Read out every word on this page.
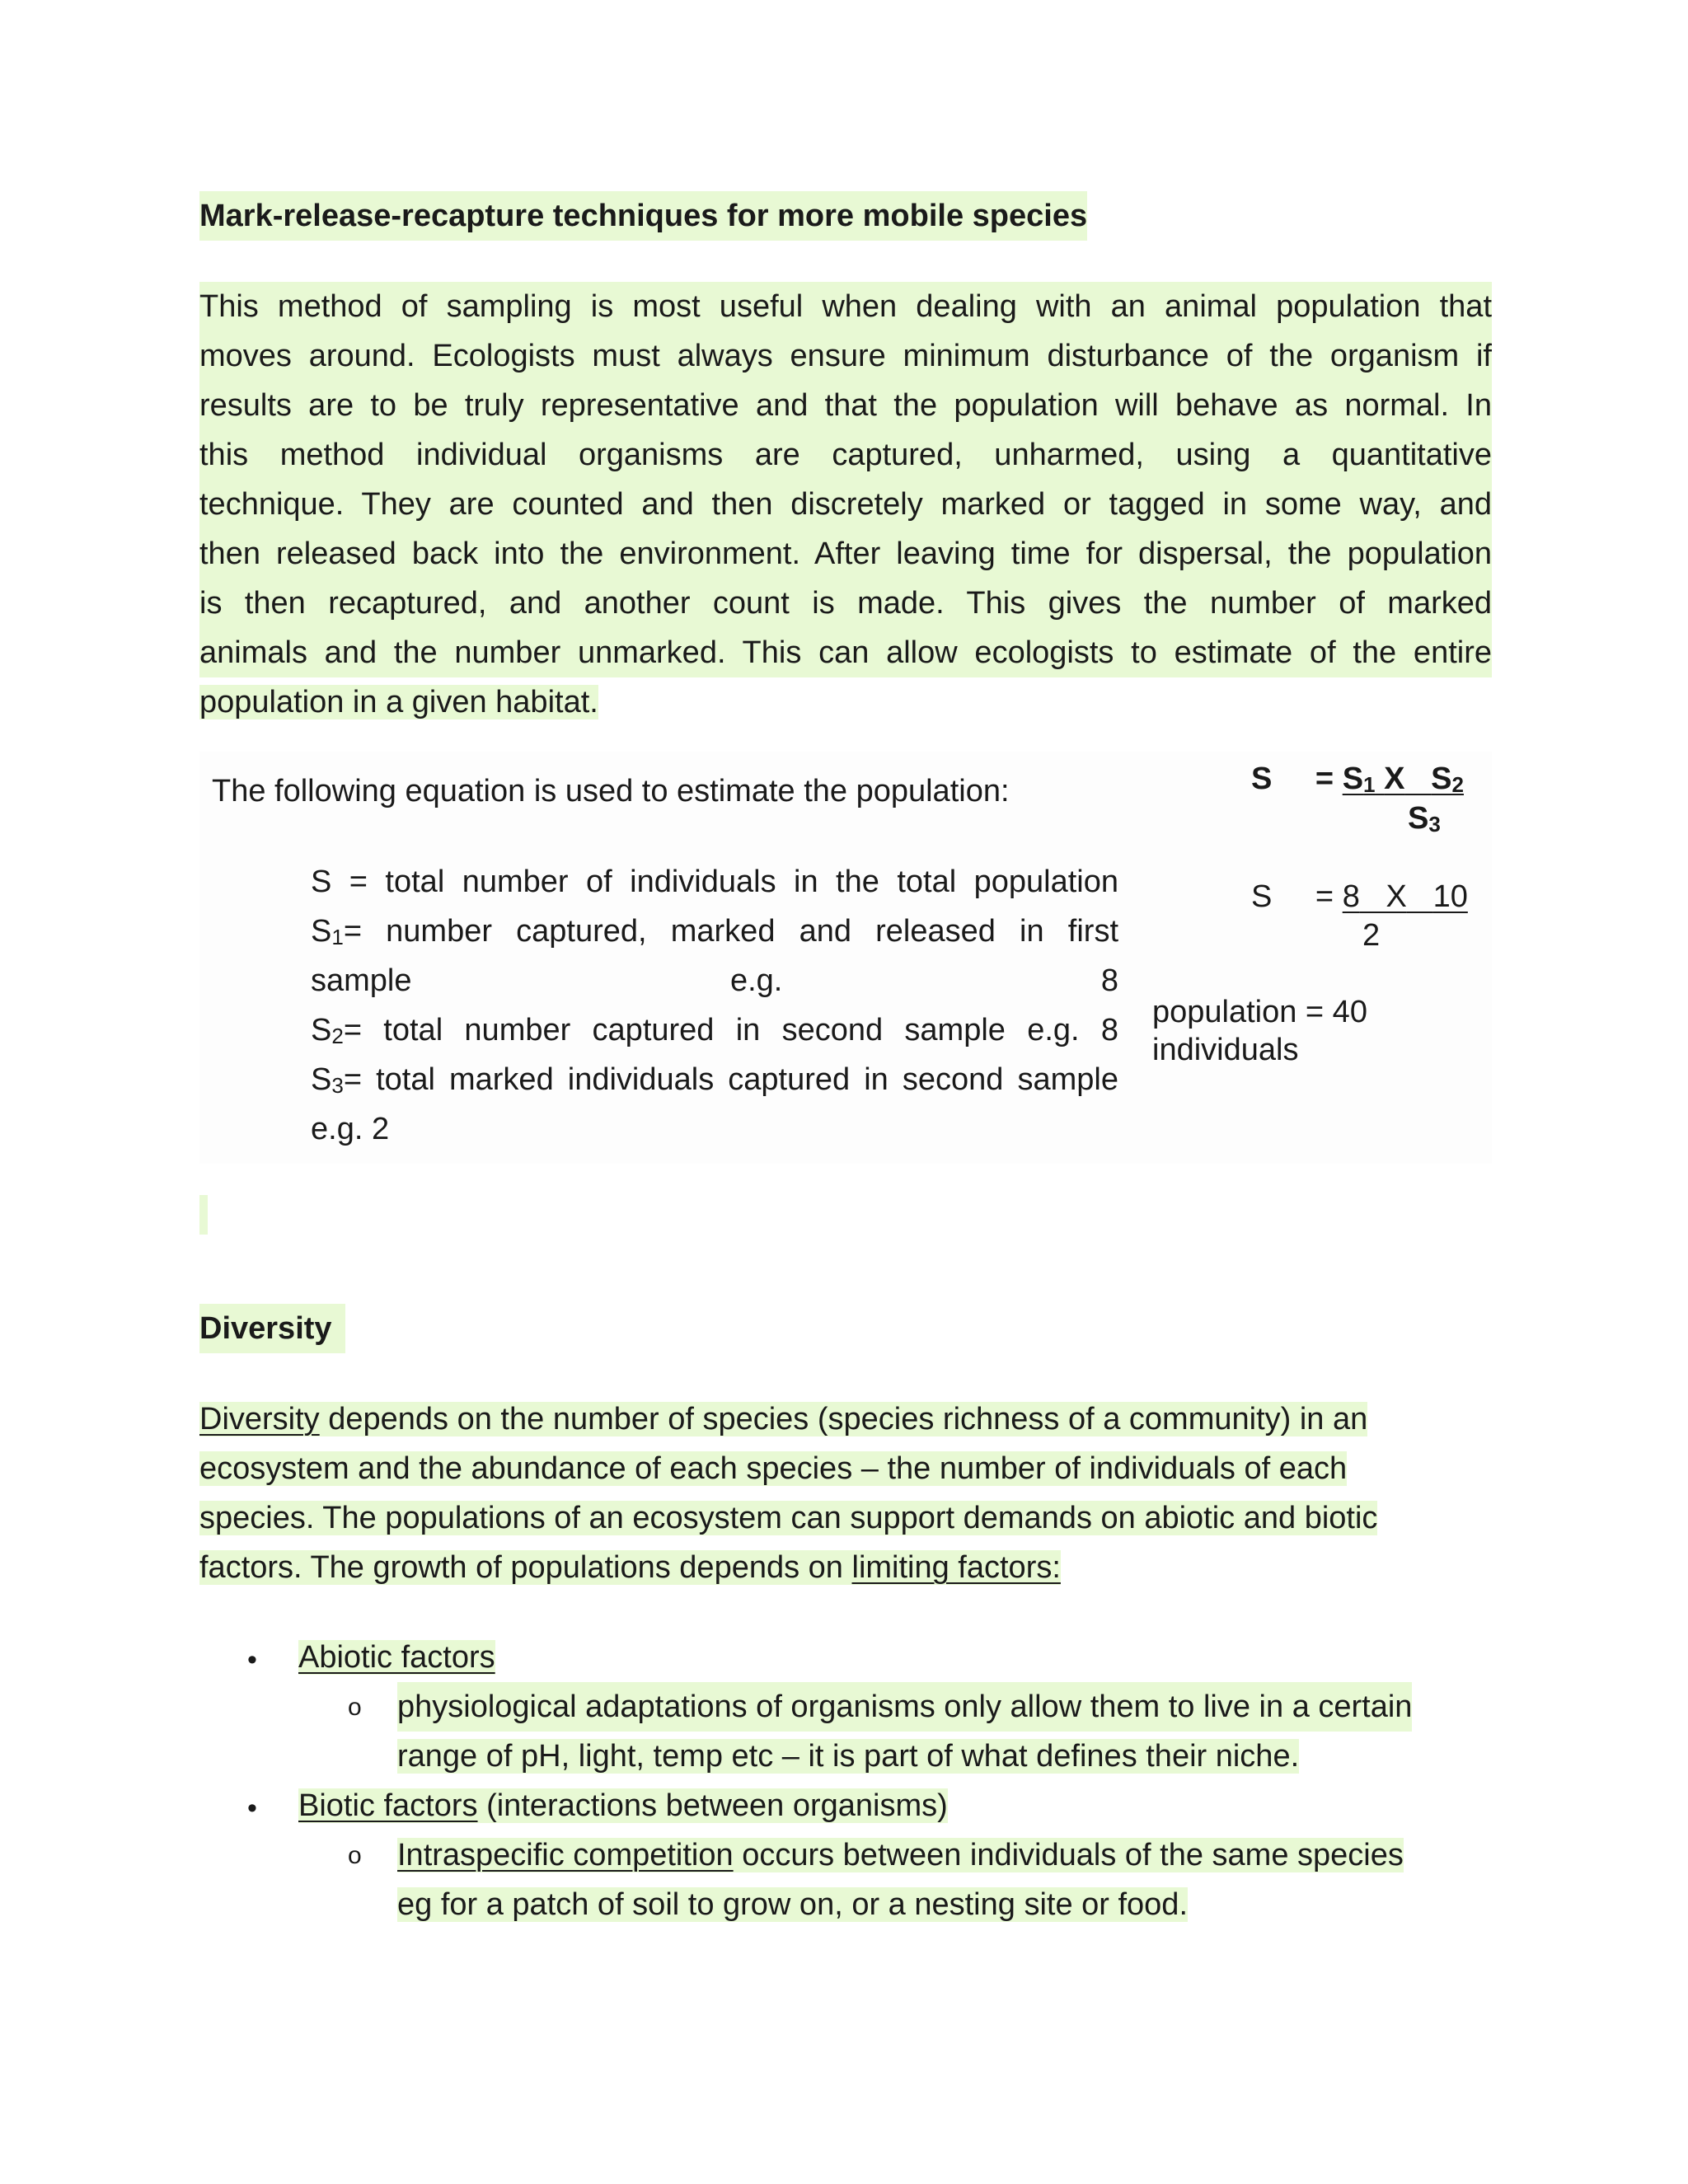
Mark-release-recapture techniques for more mobile species
This method of sampling is most useful when dealing with an animal population that
moves around. Ecologists must always ensure minimum disturbance of the organism if
results are to be truly representative and that the population will behave as normal. In
this method individual organisms are captured, unharmed, using a quantitative
technique. They are counted and then discretely marked or tagged in some way, and
then released back into the environment. After leaving time for dispersal, the population
is then recaptured, and another count is made. This gives the number of marked
animals and the number unmarked. This can allow ecologists to estimate of the entire
population in a given habitat.
The following equation is used to estimate the population:
S = total number of individuals in the total population
$S_1=$ number captured, marked and released in first sample e.g. 8
$S_2=$ total number captured in second sample e.g. 8
$S_3=$ total marked individuals captured in second sample e.g. 2
$S = S_1$ X $S_2$
$S_3$
S = 8 X 10
2
population = 40 individuals
Diversity
Diversity depends on the number of species (species richness of a community) in an
ecosystem and the abundance of each species – the number of individuals of each
species. The populations of an ecosystem can support demands on abiotic and biotic
factors. The growth of populations depends on limiting factors:
• Abiotic factors
o physiological adaptations of organisms only allow them to live in a certain
range of pH, light, temp etc – it is part of what defines their niche.
• Biotic factors (interactions between organisms)
o Intraspecific competition occurs between individuals of the same species
eg for a patch of soil to grow on, or a nesting site or food.
